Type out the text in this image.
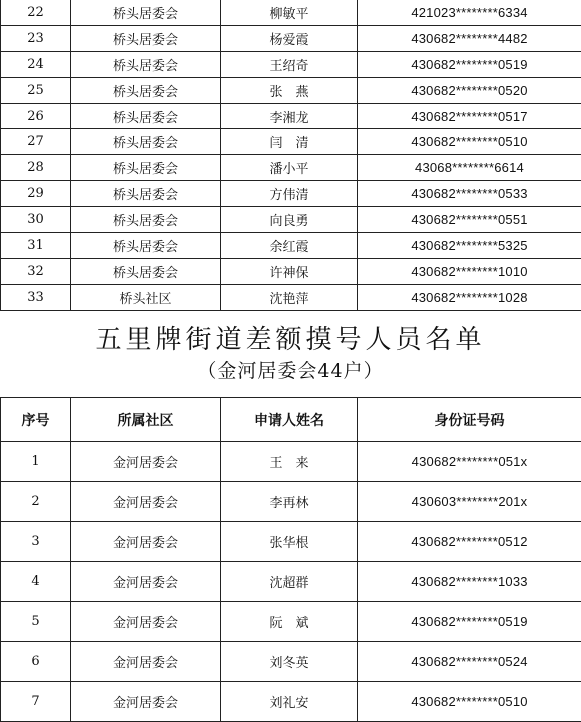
22	桥头居委会	柳敏平	421023********6334
23	桥头居委会	杨爱霞	430682********4482
24	桥头居委会	王绍奇	430682********0519
25	桥头居委会	张　燕	430682********0520
26	桥头居委会	李湘龙	430682********0517
27	桥头居委会	闫　清	430682********0510
28	桥头居委会	潘小平	43068********6614
29	桥头居委会	方伟清	430682********0533
30	桥头居委会	向良勇	430682********0551
31	桥头居委会	余红霞	430682********5325
32	桥头居委会	许神保	430682********1010
33	桥头社区	沈艳萍	430682********1028
五里牌街道差额摸号人员名单

（金河居委会44户）

序号	所属社区	申请人姓名	身份证号码
1	金河居委会	王　来	430682********051x
2	金河居委会	李再林	430603********201x
3	金河居委会	张华根	430682********0512
4	金河居委会	沈超群	430682********1033
5	金河居委会	阮　斌	430682********0519
6	金河居委会	刘冬英	430682********0524
7	金河居委会	刘礼安	430682********0510
